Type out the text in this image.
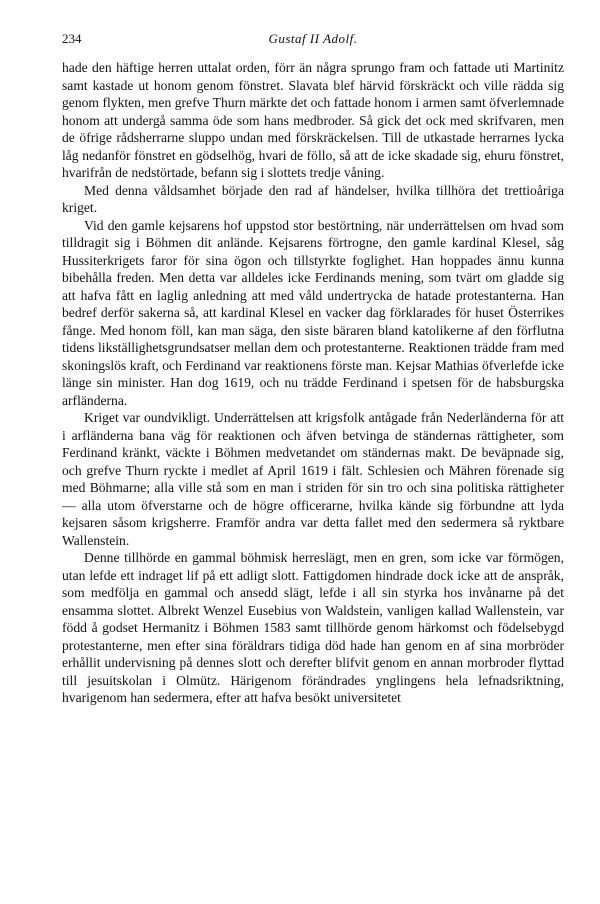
234	Gustaf II Adolf.

hade den häftige herren uttalat orden, förr än några sprungo fram och fattade uti Martinitz samt kastade ut honom genom fönstret. Slavata blef härvid förskräckt och ville rädda sig genom flykten, men grefve Thurn märkte det och fattade honom i armen samt öfverlemnade honom att undergå samma öde som hans medbroder. Så gick det ock med skrifvaren, men de öfrige rådsherrarne sluppo undan med förskräckelsen. Till de utkastade herrarnes lycka låg nedanför fönstret en gödselhög, hvari de föllo, så att de icke skadade sig, ehuru fönstret, hvarifrån de nedstörtade, befann sig i slottets tredje våning.

Med denna våldsamhet började den rad af händelser, hvilka tillhöra det trettioåriga kriget.

Vid den gamle kejsarens hof uppstod stor bestörtning, när underrättelsen om hvad som tilldragit sig i Böhmen dit anlände. Kejsarens förtrogne, den gamle kardinal Klesel, såg Hussiterkrigets faror för sina ögon och tillstyrkte foglighet. Han hoppades ännu kunna bibehålla freden. Men detta var alldeles icke Ferdinands mening, som tvärt om gladde sig att hafva fått en laglig anledning att med våld undertrycka de hatade protestanterna. Han bedref derför sakerna så, att kardinal Klesel en vacker dag förklarades för huset Österrikes fånge. Med honom föll, kan man säga, den siste bäraren bland katolikerne af den förflutna tidens likställighetsgrundsatser mellan dem och protestanterne. Reaktionen trädde fram med skoningslös kraft, och Ferdinand var reaktionens förste man. Kejsar Mathias öfverlefde icke länge sin minister. Han dog 1619, och nu trädde Ferdinand i spetsen för de habsburgska arfländerna.

Kriget var oundvikligt. Underrättelsen att krigsfolk antågade från Nederländerna för att i arfländerna bana väg för reaktionen och äfven betvinga de ständernas rättigheter, som Ferdinand kränkt, väckte i Böhmen medvetandet om ständernas makt. De beväpnade sig, och grefve Thurn ryckte i medlet af April 1619 i fält. Schlesien och Mähren förenade sig med Böhmarne; alla ville stå som en man i striden för sin tro och sina politiska rättigheter — alla utom öfverstarne och de högre officerarne, hvilka kände sig förbundne att lyda kejsaren såsom krigsherre. Framför andra var detta fallet med den sedermera så ryktbare Wallenstein.

Denne tillhörde en gammal böhmisk herreslägt, men en gren, som icke var förmögen, utan lefde ett indraget lif på ett adligt slott. Fattigdomen hindrade dock icke att de anspråk, som medfölja en gammal och ansedd slägt, lefde i all sin styrka hos invånarne på det ensamma slottet. Albrekt Wenzel Eusebius von Waldstein, vanligen kallad Wallenstein, var född å godset Hermanitz i Böhmen 1583 samt tillhörde genom härkomst och födelsebygd protestanterne, men efter sina föräldrars tidiga död hade han genom en af sina morbröder erhållit undervisning på dennes slott och derefter blifvit genom en annan morbroder flyttad till jesuitskolan i Olmütz. Härigenom förändrades ynglingens hela lefnadsriktning, hvarigenom han sedermera, efter att hafva besökt universitetet
